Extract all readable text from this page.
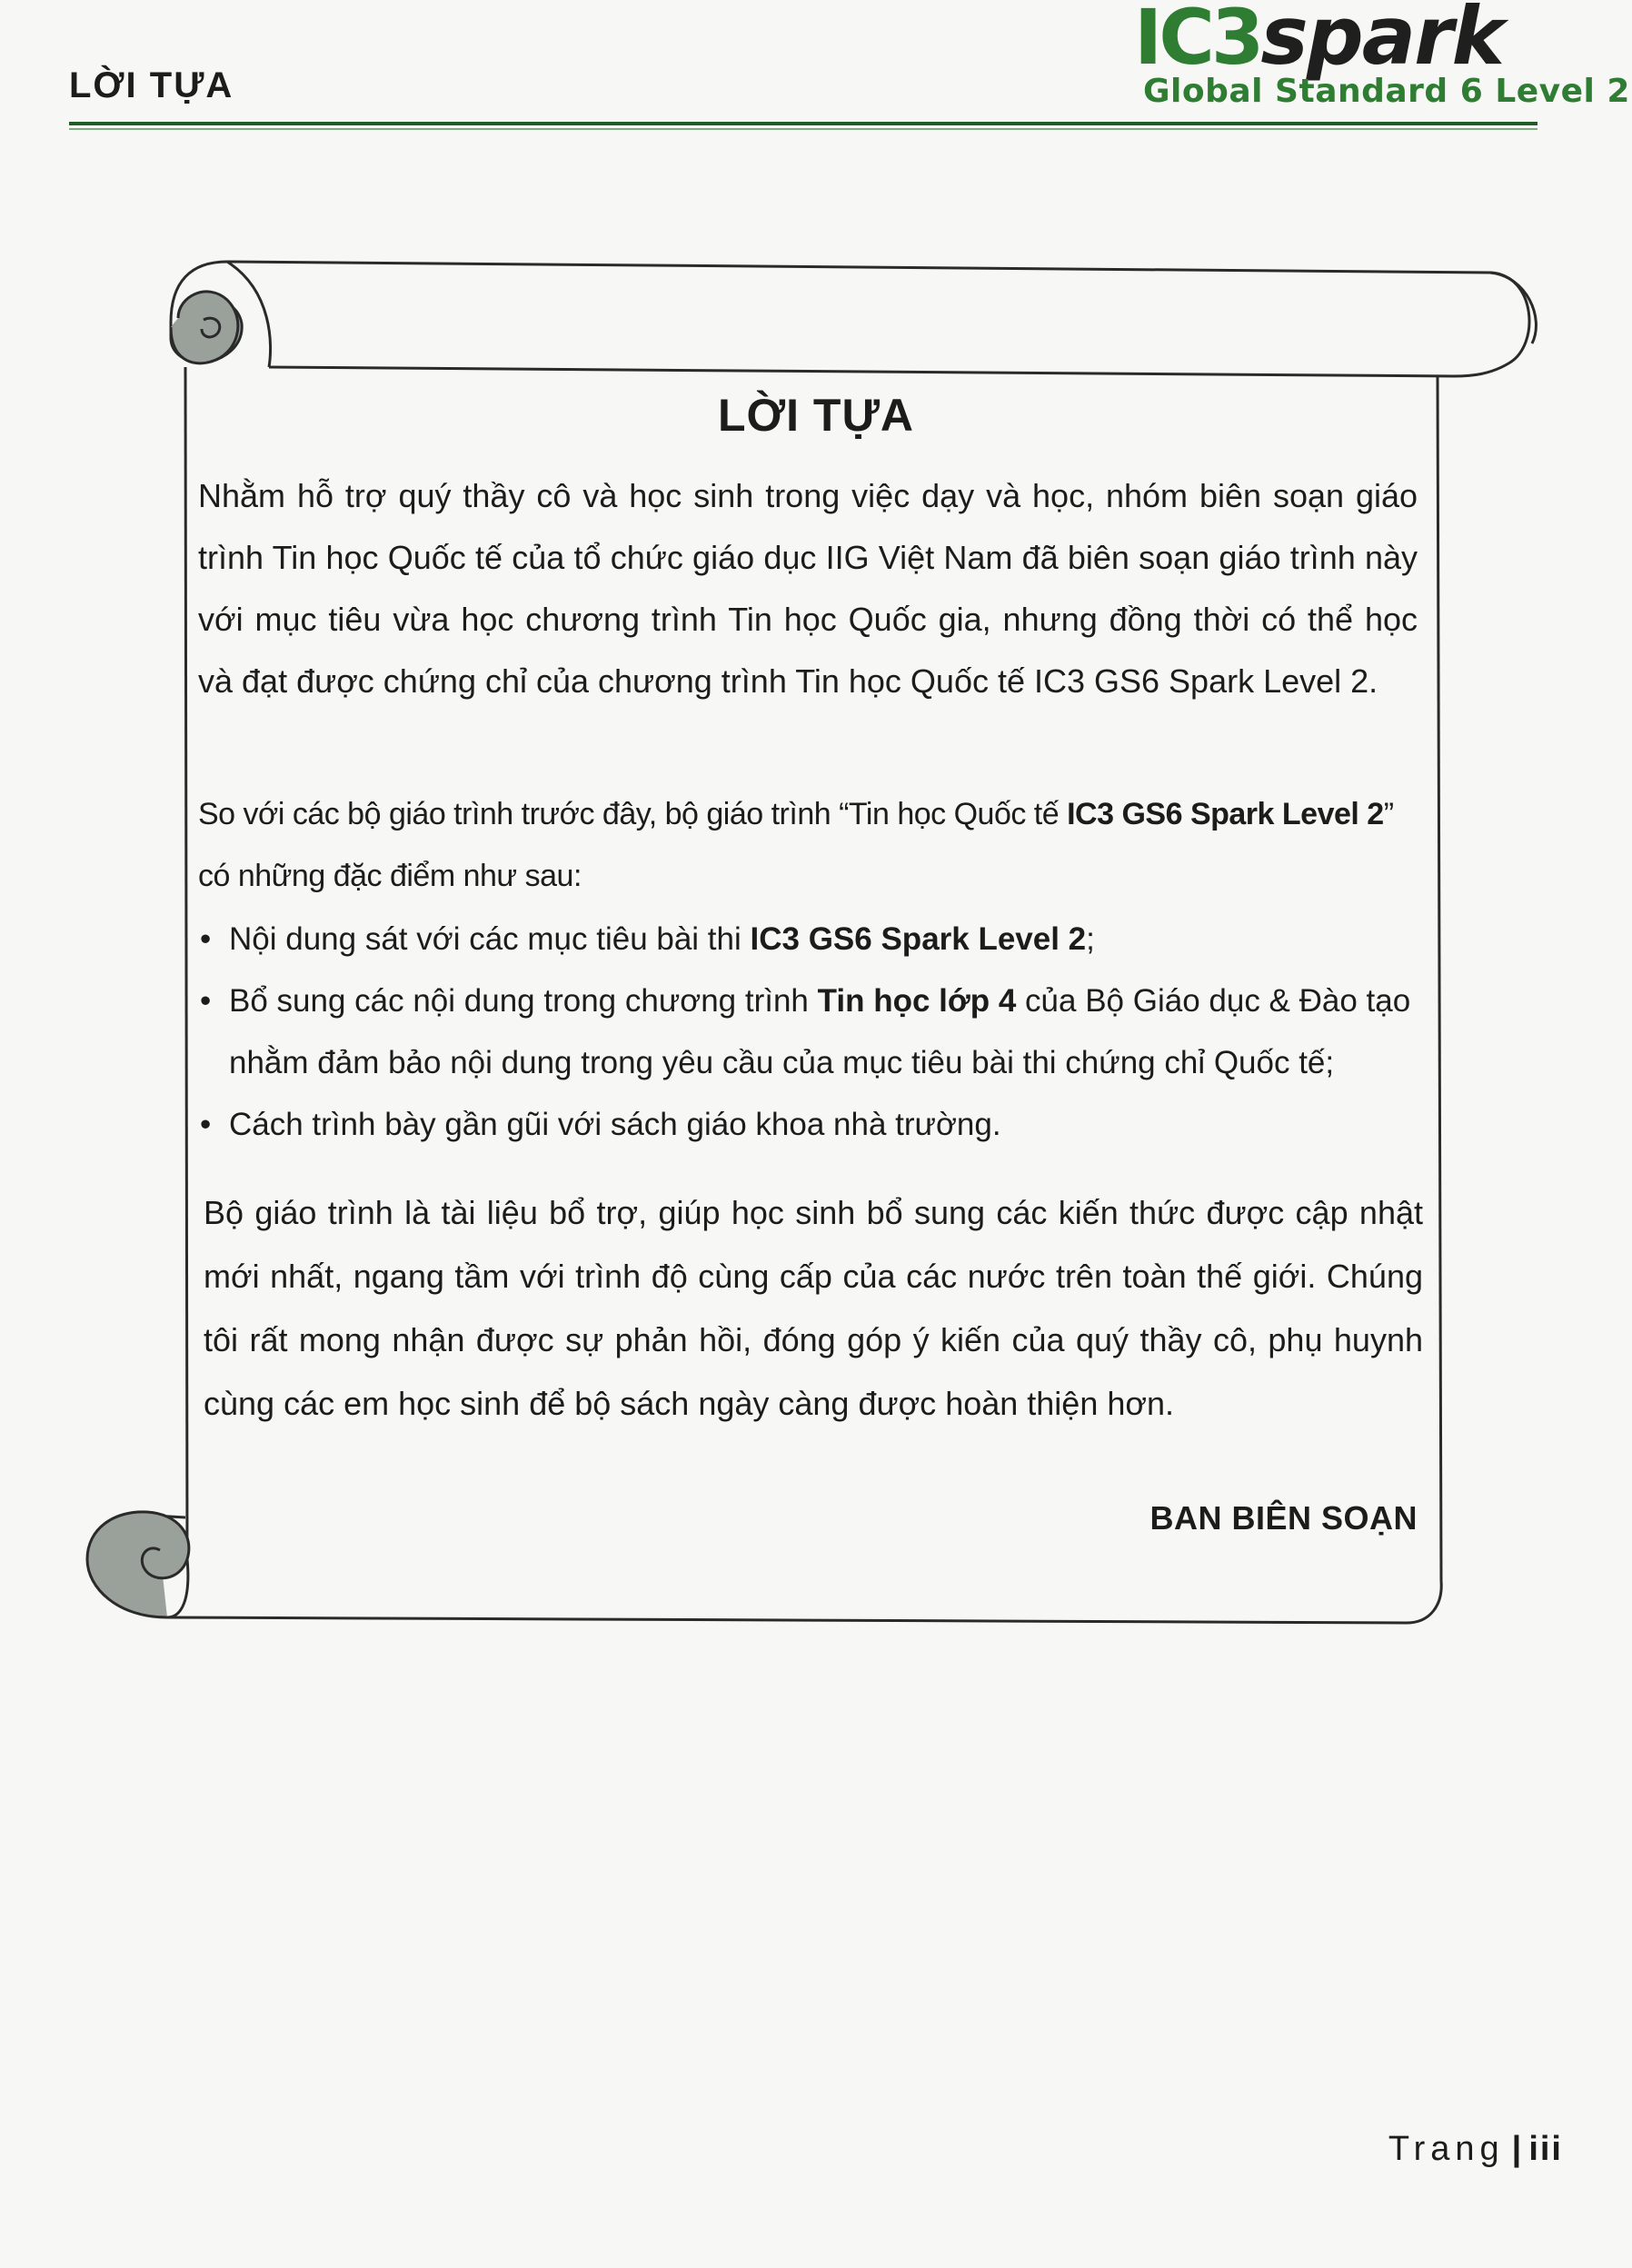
LỜI TỰA
IC3spark
Global Standard 6 Level 2
LỜI TỰA
Nhằm hỗ trợ quý thầy cô và học sinh trong việc dạy và học, nhóm biên soạn giáo trình Tin học Quốc tế của tổ chức giáo dục IIG Việt Nam đã biên soạn giáo trình này với mục tiêu vừa học chương trình Tin học Quốc gia, nhưng đồng thời có thể học và đạt được chứng chỉ của chương trình Tin học Quốc tế IC3 GS6 Spark Level 2.
So với các bộ giáo trình trước đây, bộ giáo trình “Tin học Quốc tế IC3 GS6 Spark Level 2” có những đặc điểm như sau:
• Nội dung sát với các mục tiêu bài thi IC3 GS6 Spark Level 2;
• Bổ sung các nội dung trong chương trình Tin học lớp 4 của Bộ Giáo dục & Đào tạo nhằm đảm bảo nội dung trong yêu cầu của mục tiêu bài thi chứng chỉ Quốc tế;
• Cách trình bày gần gũi với sách giáo khoa nhà trường.
Bộ giáo trình là tài liệu bổ trợ, giúp học sinh bổ sung các kiến thức được cập nhật mới nhất, ngang tầm với trình độ cùng cấp của các nước trên toàn thế giới. Chúng tôi rất mong nhận được sự phản hồi, đóng góp ý kiến của quý thầy cô, phụ huynh cùng các em học sinh để bộ sách ngày càng được hoàn thiện hơn.
BAN BIÊN SOẠN
Trang | iii
